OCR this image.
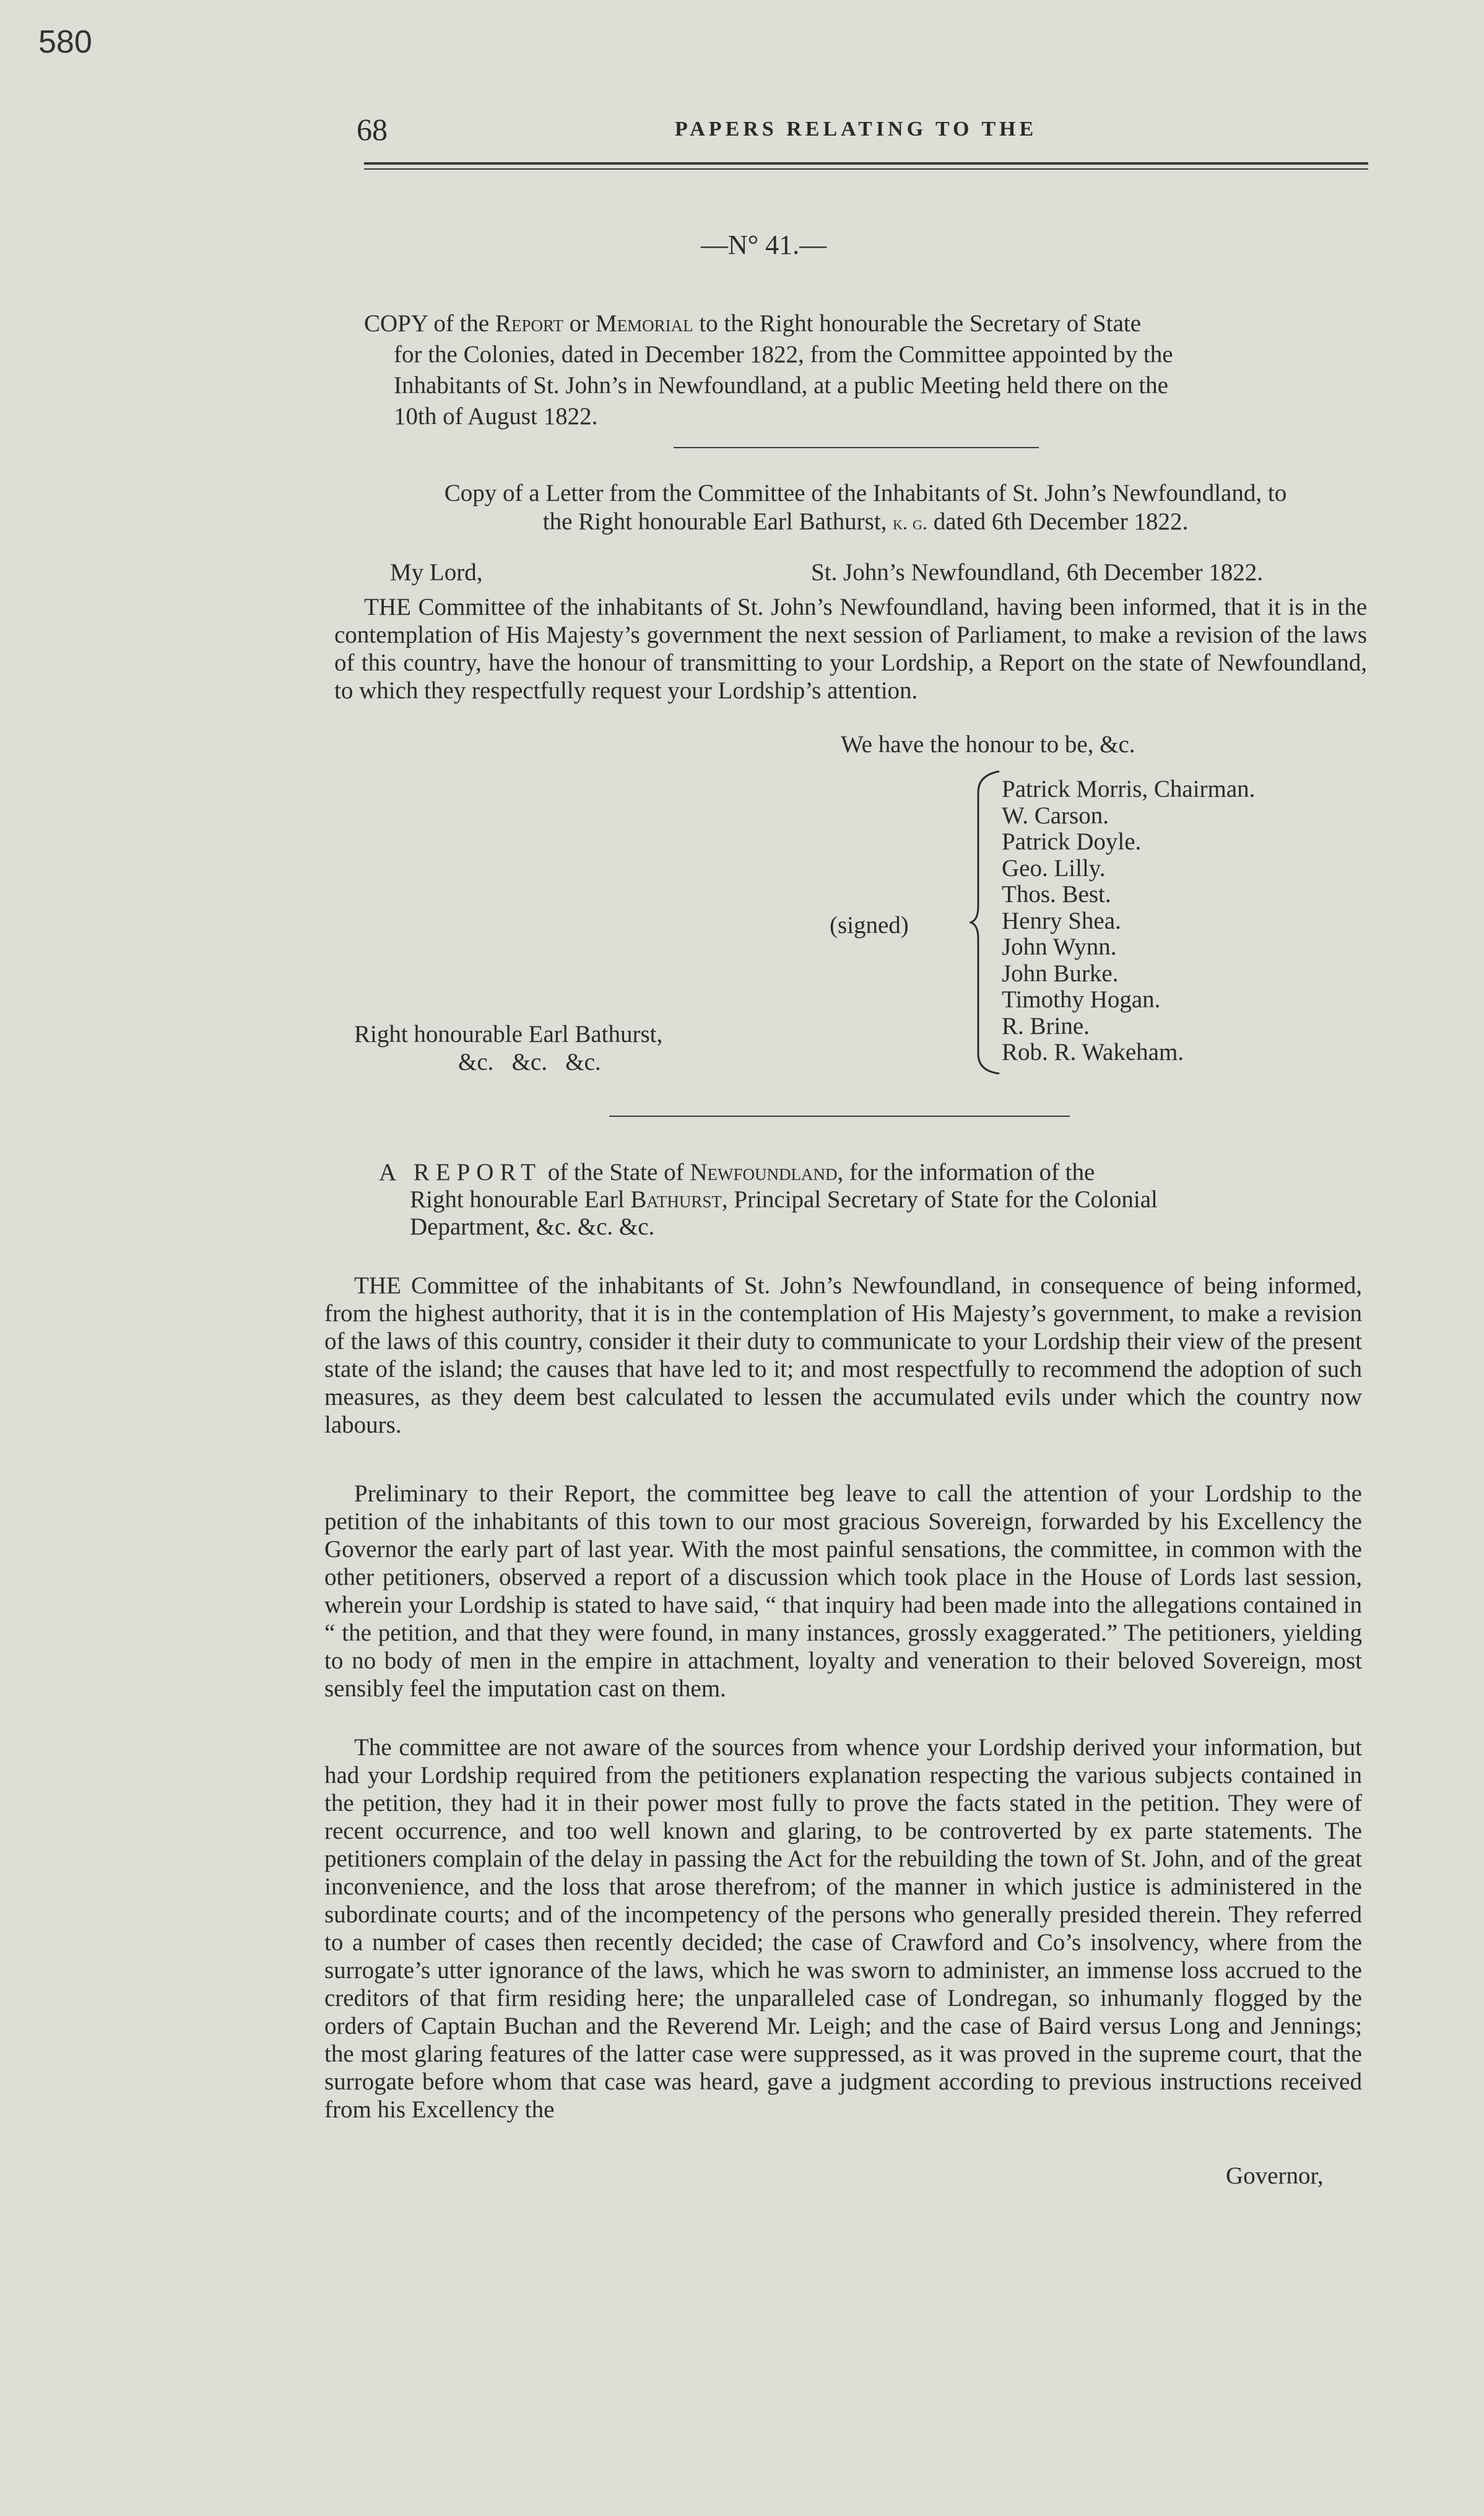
580
68	PAPERS RELATING TO THE
—N° 41.—
COPY of the Report or Memorial to the Right honourable the Secretary of State
for the Colonies, dated in December 1822, from the Committee appointed by the
Inhabitants of St. John’s in Newfoundland, at a public Meeting held there on the
10th of August 1822.
Copy of a Letter from the Committee of the Inhabitants of St. John’s Newfoundland, to
the Right honourable Earl Bathurst, k. g. dated 6th December 1822.
My Lord,	St. John’s Newfoundland, 6th December 1822.

THE Committee of the inhabitants of St. John’s Newfoundland, having been informed, that it is in the contemplation of His Majesty’s government the next session of Parliament, to make a revision of the laws of this country, have the honour of transmitting to your Lordship, a Report on the state of Newfoundland, to which they respectfully request your Lordship’s attention.

We have the honour to be, &c.
(signed)
Patrick Morris, Chairman.
W. Carson.
Patrick Doyle.
Geo. Lilly.
Thos. Best.
Henry Shea.
John Wynn.
John Burke.
Timothy Hogan.
R. Brine.
Rob. R. Wakeham.
Right honourable Earl Bathurst,
&c.   &c.   &c.
A REPORT of the State of Newfoundland, for the information of the
Right honourable Earl Bathurst, Principal Secretary of State for the Colonial
Department, &c. &c. &c.

THE Committee of the inhabitants of St. John’s Newfoundland, in consequence of being informed, from the highest authority, that it is in the contemplation of His Majesty’s government, to make a revision of the laws of this country, consider it their duty to communicate to your Lordship their view of the present state of the island; the causes that have led to it; and most respectfully to recommend the adoption of such measures, as they deem best calculated to lessen the accumulated evils under which the country now labours.

Preliminary to their Report, the committee beg leave to call the attention of your Lordship to the petition of the inhabitants of this town to our most gracious Sovereign, forwarded by his Excellency the Governor the early part of last year. With the most painful sensations, the committee, in common with the other petitioners, observed a report of a discussion which took place in the House of Lords last session, wherein your Lordship is stated to have said, “ that inquiry had been made into the allegations contained in “ the petition, and that they were found, in many instances, grossly exaggerated.” The petitioners, yielding to no body of men in the empire in attachment, loyalty and veneration to their beloved Sovereign, most sensibly feel the imputation cast on them.

The committee are not aware of the sources from whence your Lordship derived your information, but had your Lordship required from the petitioners explanation respecting the various subjects contained in the petition, they had it in their power most fully to prove the facts stated in the petition. They were of recent occurrence, and too well known and glaring, to be controverted by ex parte statements. The petitioners complain of the delay in passing the Act for the rebuilding the town of St. John, and of the great inconvenience, and the loss that arose therefrom; of the manner in which justice is administered in the subordinate courts; and of the incompetency of the persons who generally presided therein. They referred to a number of cases then recently decided; the case of Crawford and Co’s insolvency, where from the surrogate’s utter ignorance of the laws, which he was sworn to administer, an immense loss accrued to the creditors of that firm residing here; the unparalleled case of Londregan, so inhumanly flogged by the orders of Captain Buchan and the Reverend Mr. Leigh; and the case of Baird versus Long and Jennings; the most glaring features of the latter case were suppressed, as it was proved in the supreme court, that the surrogate before whom that case was heard, gave a judgment according to previous instructions received from his Excellency the

Governor,
